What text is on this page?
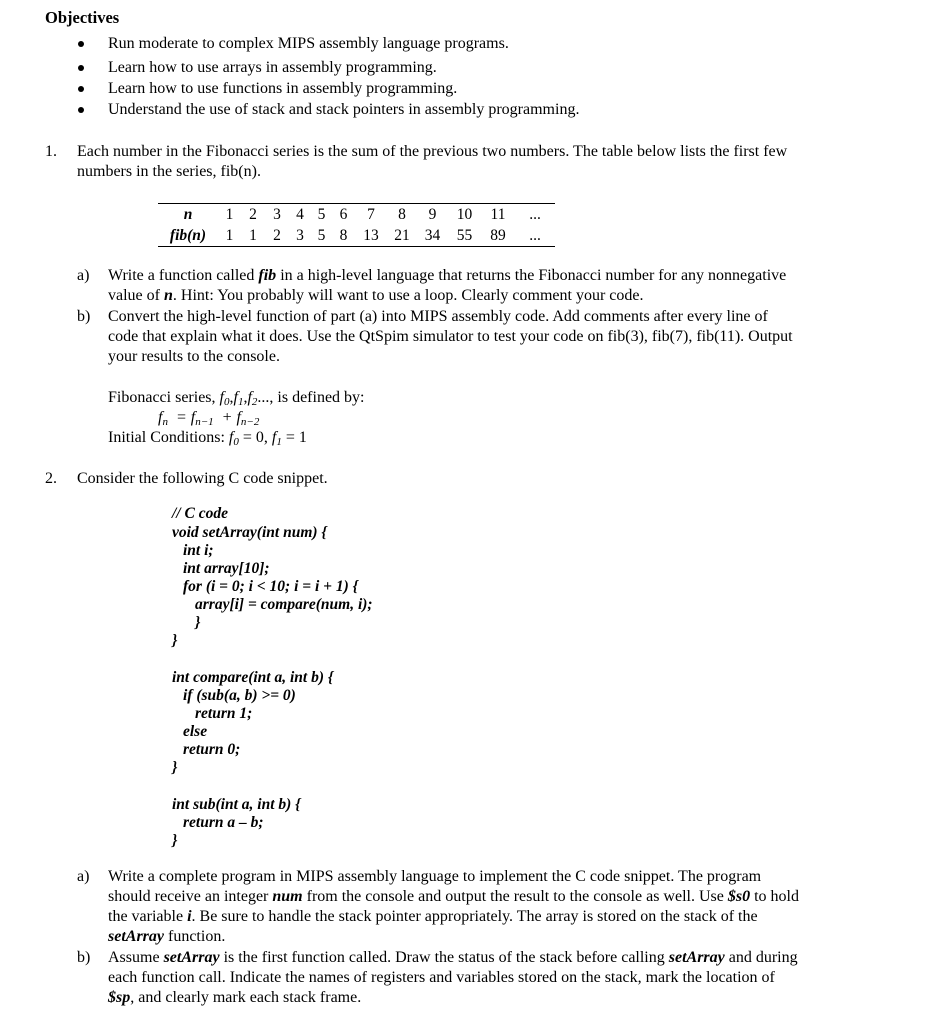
Objectives
Run moderate to complex MIPS assembly language programs.
Learn how to use arrays in assembly programming.
Learn how to use functions in assembly programming.
Understand the use of stack and stack pointers in assembly programming.
1. Each number in the Fibonacci series is the sum of the previous two numbers. The table below lists the first few
numbers in the series, fib(n).
n	1	2	3	4	5	6	7	8	9	10	11	...
fib(n)	1	1	2	3	5	8	13	21	34	55	89	...
a) Write a function called fib in a high-level language that returns the Fibonacci number for any nonnegative
value of n. Hint: You probably will want to use a loop. Clearly comment your code.
b) Convert the high-level function of part (a) into MIPS assembly code. Add comments after every line of
code that explain what it does. Use the QtSpim simulator to test your code on fib(3), fib(7), fib(11). Output
your results to the console.
Fibonacci series, $f_0,f_1,f_2$..., is defined by:
$f_n = f_{n-1} + f_{n-2}$
Initial Conditions: $f_0 = 0$, $f_1 = 1$
2. Consider the following C code snippet.
// C code
void setArray(int num) {
int i;
int array[10];
for (i = 0; i < 10; i = i + 1) {
array[i] = compare(num, i);
}
}
int compare(int a, int b) {
if (sub(a, b) >= 0)
return 1;
else
return 0;
}
int sub(int a, int b) {
return a – b;
}
a) Write a complete program in MIPS assembly language to implement the C code snippet. The program
should receive an integer num from the console and output the result to the console as well. Use $s0 to hold
the variable i. Be sure to handle the stack pointer appropriately. The array is stored on the stack of the
setArray function.
b) Assume setArray is the first function called. Draw the status of the stack before calling setArray and during
each function call. Indicate the names of registers and variables stored on the stack, mark the location of
$sp, and clearly mark each stack frame.
